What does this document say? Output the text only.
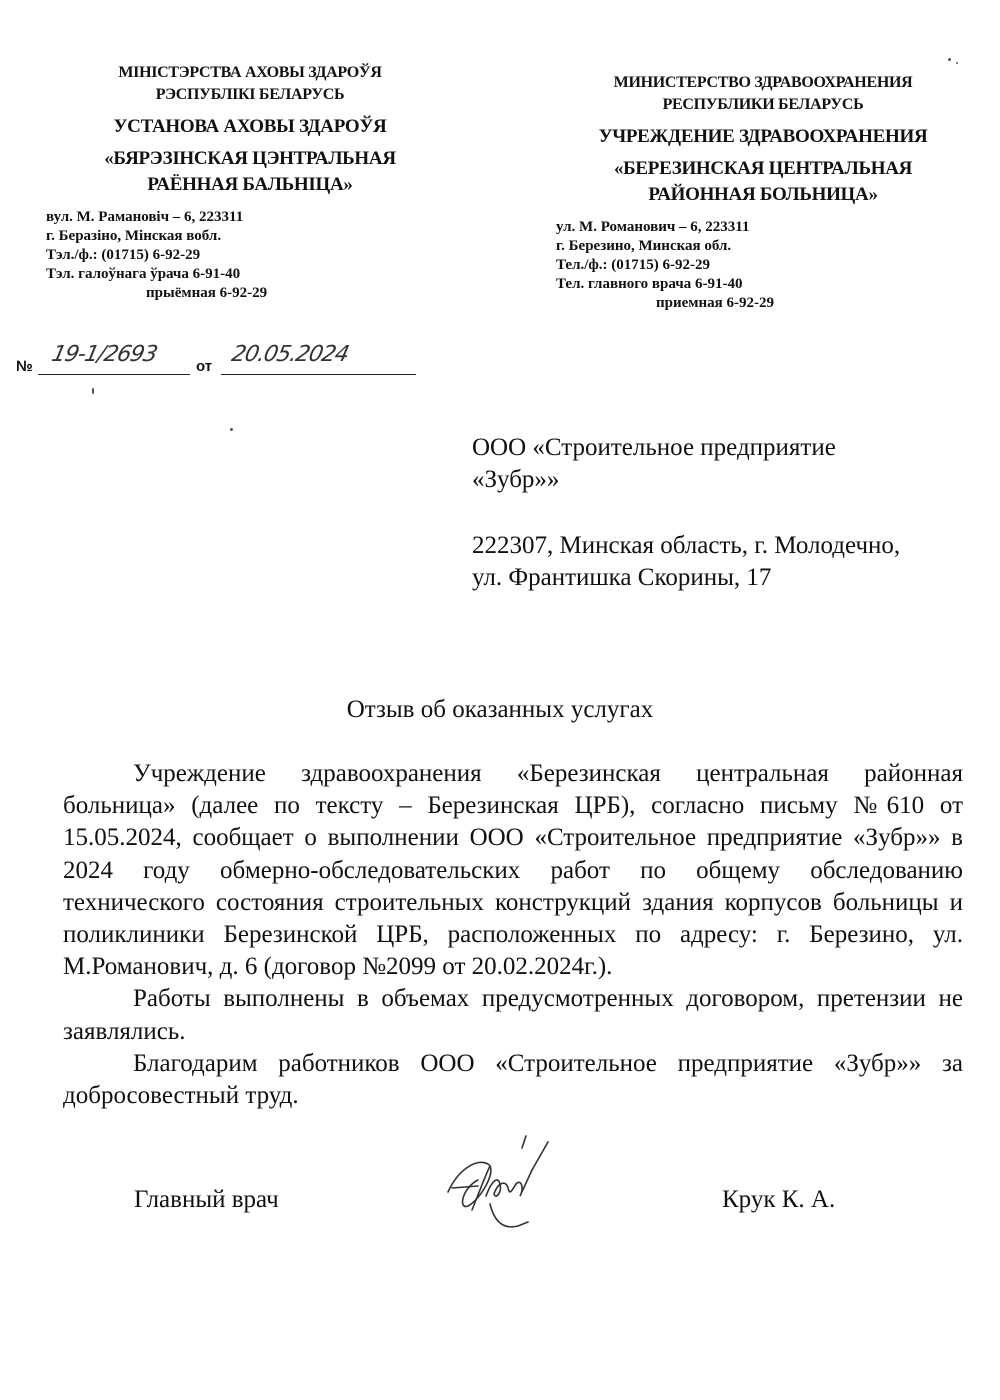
МІНІСТЭРСТВА АХОВЫ ЗДАРОЎЯ
РЭСПУБЛІКІ БЕЛАРУСЬ
УСТАНОВА АХОВЫ ЗДАРОЎЯ
«БЯРЭЗІНСКАЯ ЦЭНТРАЛЬНАЯ
РАЁННАЯ БАЛЬНІЦА»
вул. М. Рамановіч – 6, 223311
г. Беразіно, Мінская вобл.
Тэл./ф.: (01715) 6-92-29
Тэл. галоўнага ўрача 6-91-40
прыёмная 6-92-29
МИНИСТЕРСТВО ЗДРАВООХРАНЕНИЯ
РЕСПУБЛИКИ БЕЛАРУСЬ
УЧРЕЖДЕНИЕ ЗДРАВООХРАНЕНИЯ
«БЕРЕЗИНСКАЯ ЦЕНТРАЛЬНАЯ
РАЙОННАЯ БОЛЬНИЦА»
ул. М. Романович – 6, 223311
г. Березино, Минская обл.
Тел./ф.: (01715) 6-92-29
Тел. главного врача 6-91-40
приемная 6-92-29
№ 19-1/2693 от 20.05.2024
ООО «Строительное предприятие
«Зубр»»
222307, Минская область, г. Молодечно,
ул. Франтишка Скорины, 17
Отзыв об оказанных услугах

Учреждение здравоохранения «Березинская центральная районная больница» (далее по тексту – Березинская ЦРБ), согласно письму №610 от 15.05.2024, сообщает о выполнении ООО «Строительное предприятие «Зубр»» в 2024 году обмерно-обследовательских работ по общему обследованию технического состояния строительных конструкций здания корпусов больницы и поликлиники Березинской ЦРБ, расположенных по адресу: г. Березино, ул. М.Романович, д. 6 (договор №2099 от 20.02.2024г.).

Работы выполнены в объемах предусмотренных договором, претензии не заявлялись.

Благодарим работников ООО «Строительное предприятие «Зубр»» за добросовестный труд.

Главный врач	Крук К. А.
